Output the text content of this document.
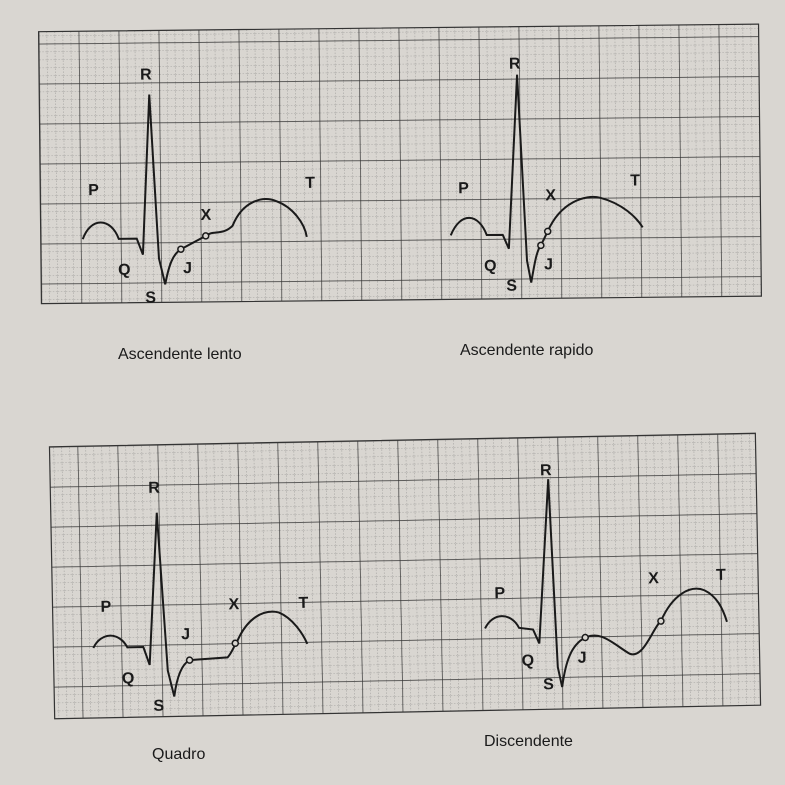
R
P
Q
S
J
X
T
R
P
Q
S
J
X
T
R
P
Q
S
J
X	T
R
P
Q
S
J
X	T
Ascendente lento	Ascendente rapido
Quadro
Discendente
